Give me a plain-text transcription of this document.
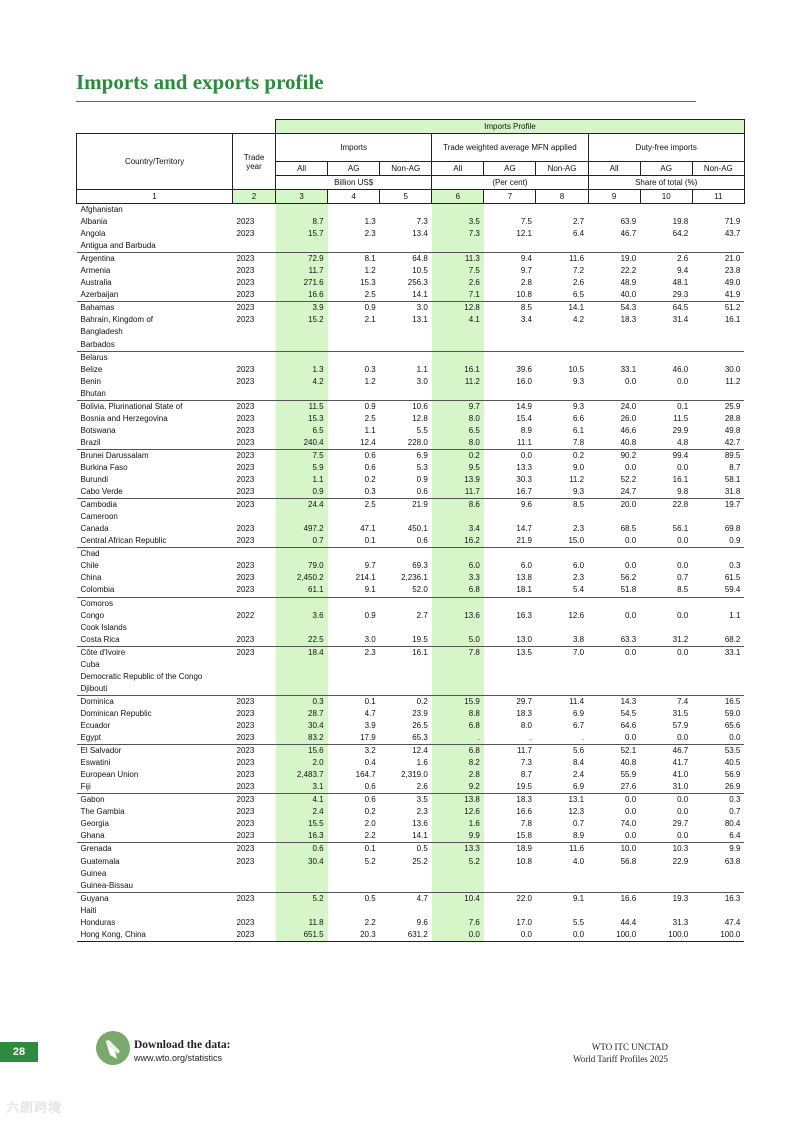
Imports and exports profile
		Imports Profile								
Country/Territory	Trade year	Imports			Trade weighted average MFN applied			Duty-free imports		
		All	AG	Non-AG	All	AG	Non-AG	All	AG	Non-AG
		Billion US$			(Per cent)			Share of total (%)		
1	2	3	4	5	6	7	8	9	10	11
Afghanistan										
Albania	2023	8.7	1.3	7.3	3.5	7.5	2.7	63.9	19.8	71.9
Angola	2023	15.7	2.3	13.4	7.3	12.1	6.4	46.7	64.2	43.7
Antigua and Barbuda										
Argentina	2023	72.9	8.1	64.8	11.3	9.4	11.6	19.0	2.6	21.0
Armenia	2023	11.7	1.2	10.5	7.5	9.7	7.2	22.2	9.4	23.8
Australia	2023	271.6	15.3	256.3	2.6	2.8	2.6	48.9	48.1	49.0
Azerbaijan	2023	16.6	2.5	14.1	7.1	10.8	6.5	40.0	29.3	41.9
Bahamas	2023	3.9	0.9	3.0	12.8	8.5	14.1	54.3	64.5	51.2
Bahrain, Kingdom of	2023	15.2	2.1	13.1	4.1	3.4	4.2	18.3	31.4	16.1
Bangladesh										
Barbados										
Belarus										
Belize	2023	1.3	0.3	1.1	16.1	39.6	10.5	33.1	46.0	30.0
Benin	2023	4.2	1.2	3.0	11.2	16.0	9.3	0.0	0.0	11.2
Bhutan										
Bolivia, Plurinational State of	2023	11.5	0.9	10.6	9.7	14.9	9.3	24.0	0.1	25.9
Bosnia and Herzegovina	2023	15.3	2.5	12.8	8.0	15.4	6.6	26.0	11.5	28.8
Botswana	2023	6.5	1.1	5.5	6.5	8.9	6.1	46.6	29.9	49.8
Brazil	2023	240.4	12.4	228.0	8.0	11.1	7.8	40.8	4.8	42.7
Brunei Darussalam	2023	7.5	0.6	6.9	0.2	0.0	0.2	90.2	99.4	89.5
Burkina Faso	2023	5.9	0.6	5.3	9.5	13.3	9.0	0.0	0.0	8.7
Burundi	2023	1.1	0.2	0.9	13.9	30.3	11.2	52.2	16.1	58.1
Cabo Verde	2023	0.9	0.3	0.6	11.7	16.7	9.3	24.7	9.8	31.8
Cambodia	2023	24.4	2.5	21.9	8.6	9.6	8.5	20.0	22.8	19.7
Cameroon										
Canada	2023	497.2	47.1	450.1	3.4	14.7	2.3	68.5	56.1	69.8
Central African Republic	2023	0.7	0.1	0.6	16.2	21.9	15.0	0.0	0.0	0.9
Chad										
Chile	2023	79.0	9.7	69.3	6.0	6.0	6.0	0.0	0.0	0.3
China	2023	2,450.2	214.1	2,236.1	3.3	13.8	2.3	56.2	0.7	61.5
Colombia	2023	61.1	9.1	52.0	6.8	18.1	5.4	51.8	8.5	59.4
Comoros										
Congo	2022	3.6	0.9	2.7	13.6	16.3	12.6	0.0	0.0	1.1
Cook Islands										
Costa Rica	2023	22.5	3.0	19.5	5.0	13.0	3.8	63.3	31.2	68.2
Côte d'Ivoire	2023	18.4	2.3	16.1	7.8	13.5	7.0	0.0	0.0	33.1
Cuba										
Democratic Republic of the Congo										
Djibouti										
Dominica	2023	0.3	0.1	0.2	15.9	29.7	11.4	14.3	7.4	16.5
Dominican Republic	2023	28.7	4.7	23.9	8.8	18.3	6.9	54.5	31.5	59.0
Ecuador	2023	30.4	3.9	26.5	6.8	8.0	6.7	64.6	57.9	65.6
Egypt	2023	83.2	17.9	65.3	.	.	.	0.0	0.0	0.0
El Salvador	2023	15.6	3.2	12.4	6.8	11.7	5.6	52.1	46.7	53.5
Eswatini	2023	2.0	0.4	1.6	8.2	7.3	8.4	40.8	41.7	40.5
European Union	2023	2,483.7	164.7	2,319.0	2.8	8.7	2.4	55.9	41.0	56.9
Fiji	2023	3.1	0.6	2.6	9.2	19.5	6.9	27.6	31.0	26.9
Gabon	2023	4.1	0.6	3.5	13.8	18.3	13.1	0.0	0.0	0.3
The Gambia	2023	2.4	0.2	2.3	12.6	16.6	12.3	0.0	0.0	0.7
Georgia	2023	15.5	2.0	13.6	1.6	7.8	0.7	74.0	29.7	80.4
Ghana	2023	16.3	2.2	14.1	9.9	15.8	8.9	0.0	0.0	6.4
Grenada	2023	0.6	0.1	0.5	13.3	18.9	11.6	10.0	10.3	9.9
Guatemala	2023	30.4	5.2	25.2	5.2	10.8	4.0	56.8	22.9	63.8
Guinea										
Guinea-Bissau										
Guyana	2023	5.2	0.5	4.7	10.4	22.0	9.1	16.6	19.3	16.3
Haiti										
Honduras	2023	11.8	2.2	9.6	7.6	17.0	5.5	44.4	31.3	47.4
Hong Kong, China	2023	651.5	20.3	631.2	0.0	0.0	0.0	100.0	100.0	100.0
28
Download the data:
www.wto.org/statistics
WTO ITC UNCTAD
World Tariff Profiles 2025
六朗跨境
